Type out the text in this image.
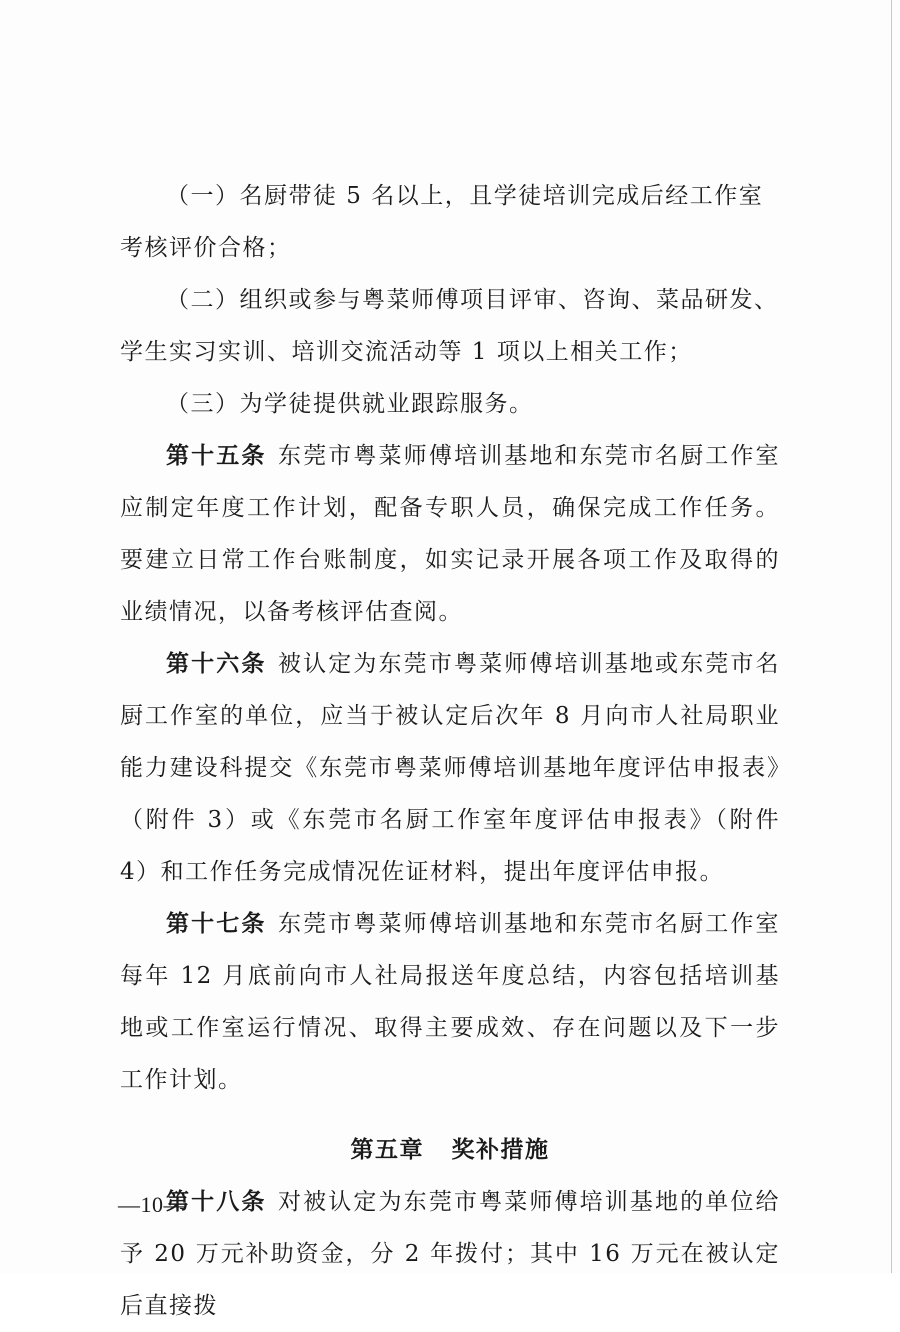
（一）名厨带徒 5 名以上，且学徒培训完成后经工作室考核评价合格；

（二）组织或参与粤菜师傅项目评审、咨询、菜品研发、学生实习实训、培训交流活动等 1 项以上相关工作；

（三）为学徒提供就业跟踪服务。

第十五条 东莞市粤菜师傅培训基地和东莞市名厨工作室应制定年度工作计划，配备专职人员，确保完成工作任务。要建立日常工作台账制度，如实记录开展各项工作及取得的业绩情况，以备考核评估查阅。

第十六条 被认定为东莞市粤菜师傅培训基地或东莞市名厨工作室的单位，应当于被认定后次年 8 月向市人社局职业能力建设科提交《东莞市粤菜师傅培训基地年度评估申报表》（附件 3）或《东莞市名厨工作室年度评估申报表》（附件 4）和工作任务完成情况佐证材料，提出年度评估申报。

第十七条 东莞市粤菜师傅培训基地和东莞市名厨工作室每年 12 月底前向市人社局报送年度总结，内容包括培训基地或工作室运行情况、取得主要成效、存在问题以及下一步工作计划。

第五章 奖补措施

第十八条 对被认定为东莞市粤菜师傅培训基地的单位给予 20 万元补助资金，分 2 年拨付；其中 16 万元在被认定后直接拨

—10—
